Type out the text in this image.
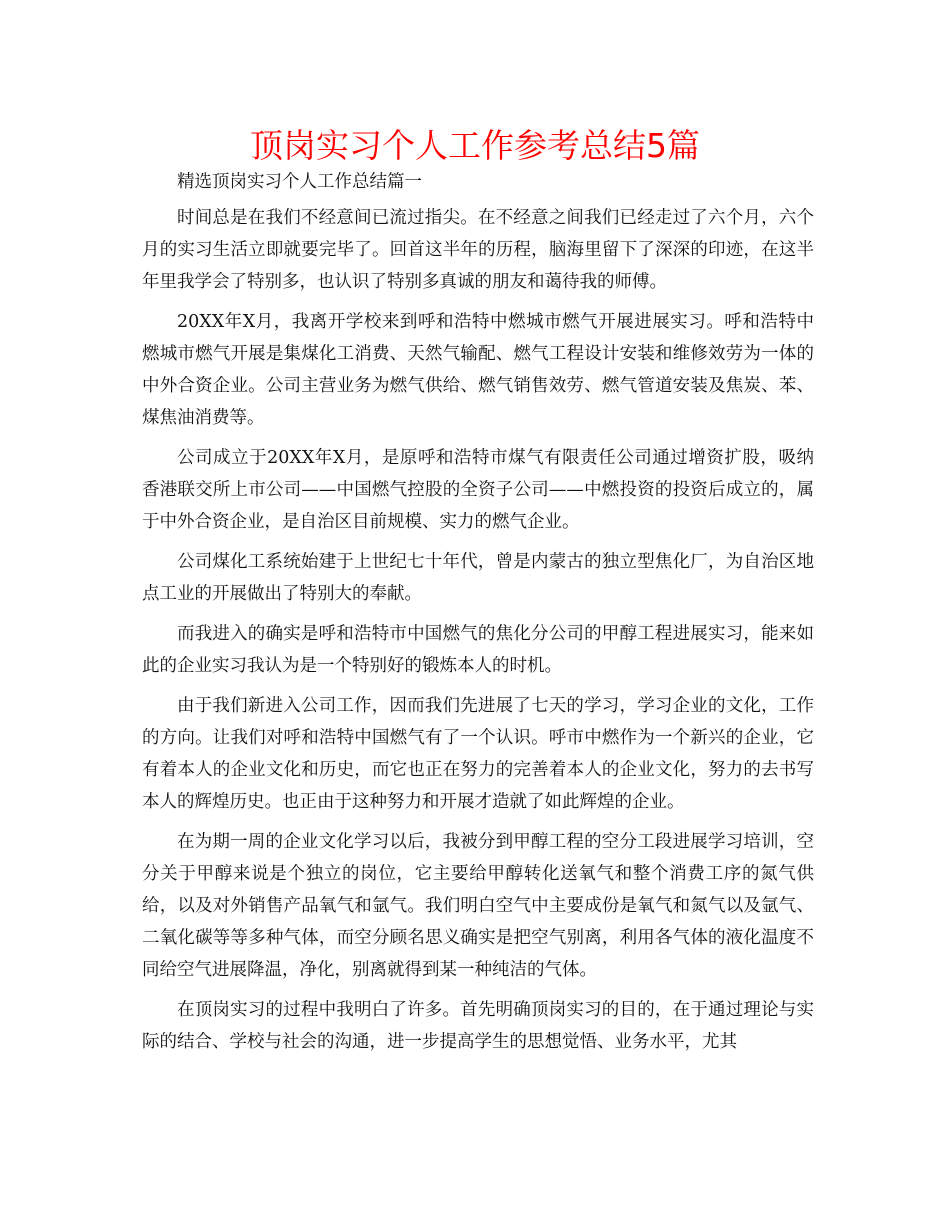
顶岗实习个人工作参考总结5篇

精选顶岗实习个人工作总结篇一

时间总是在我们不经意间已流过指尖。在不经意之间我们已经走过了六个月，六个月的实习生活立即就要完毕了。回首这半年的历程，脑海里留下了深深的印迹，在这半年里我学会了特别多，也认识了特别多真诚的朋友和蔼待我的师傅。

20XX年X月，我离开学校来到呼和浩特中燃城市燃气开展进展实习。呼和浩特中燃城市燃气开展是集煤化工消费、天然气输配、燃气工程设计安装和维修效劳为一体的中外合资企业。公司主营业务为燃气供给、燃气销售效劳、燃气管道安装及焦炭、苯、煤焦油消费等。

公司成立于20XX年X月，是原呼和浩特市煤气有限责任公司通过增资扩股，吸纳香港联交所上市公司——中国燃气控股的全资子公司——中燃投资的投资后成立的，属于中外合资企业，是自治区目前规模、实力的燃气企业。

公司煤化工系统始建于上世纪七十年代，曾是内蒙古的独立型焦化厂，为自治区地点工业的开展做出了特别大的奉献。

而我进入的确实是呼和浩特市中国燃气的焦化分公司的甲醇工程进展实习，能来如此的企业实习我认为是一个特别好的锻炼本人的时机。

由于我们新进入公司工作，因而我们先进展了七天的学习，学习企业的文化，工作的方向。让我们对呼和浩特中国燃气有了一个认识。呼市中燃作为一个新兴的企业，它有着本人的企业文化和历史，而它也正在努力的完善着本人的企业文化，努力的去书写本人的辉煌历史。也正由于这种努力和开展才造就了如此辉煌的企业。

在为期一周的企业文化学习以后，我被分到甲醇工程的空分工段进展学习培训，空分关于甲醇来说是个独立的岗位，它主要给甲醇转化送氧气和整个消费工序的氮气供给，以及对外销售产品氧气和氩气。我们明白空气中主要成份是氧气和氮气以及氩气、二氧化碳等等多种气体，而空分顾名思义确实是把空气别离，利用各气体的液化温度不同给空气进展降温，净化，别离就得到某一种纯洁的气体。

在顶岗实习的过程中我明白了许多。首先明确顶岗实习的目的，在于通过理论与实际的结合、学校与社会的沟通，进一步提高学生的思想觉悟、业务水平，尤其
